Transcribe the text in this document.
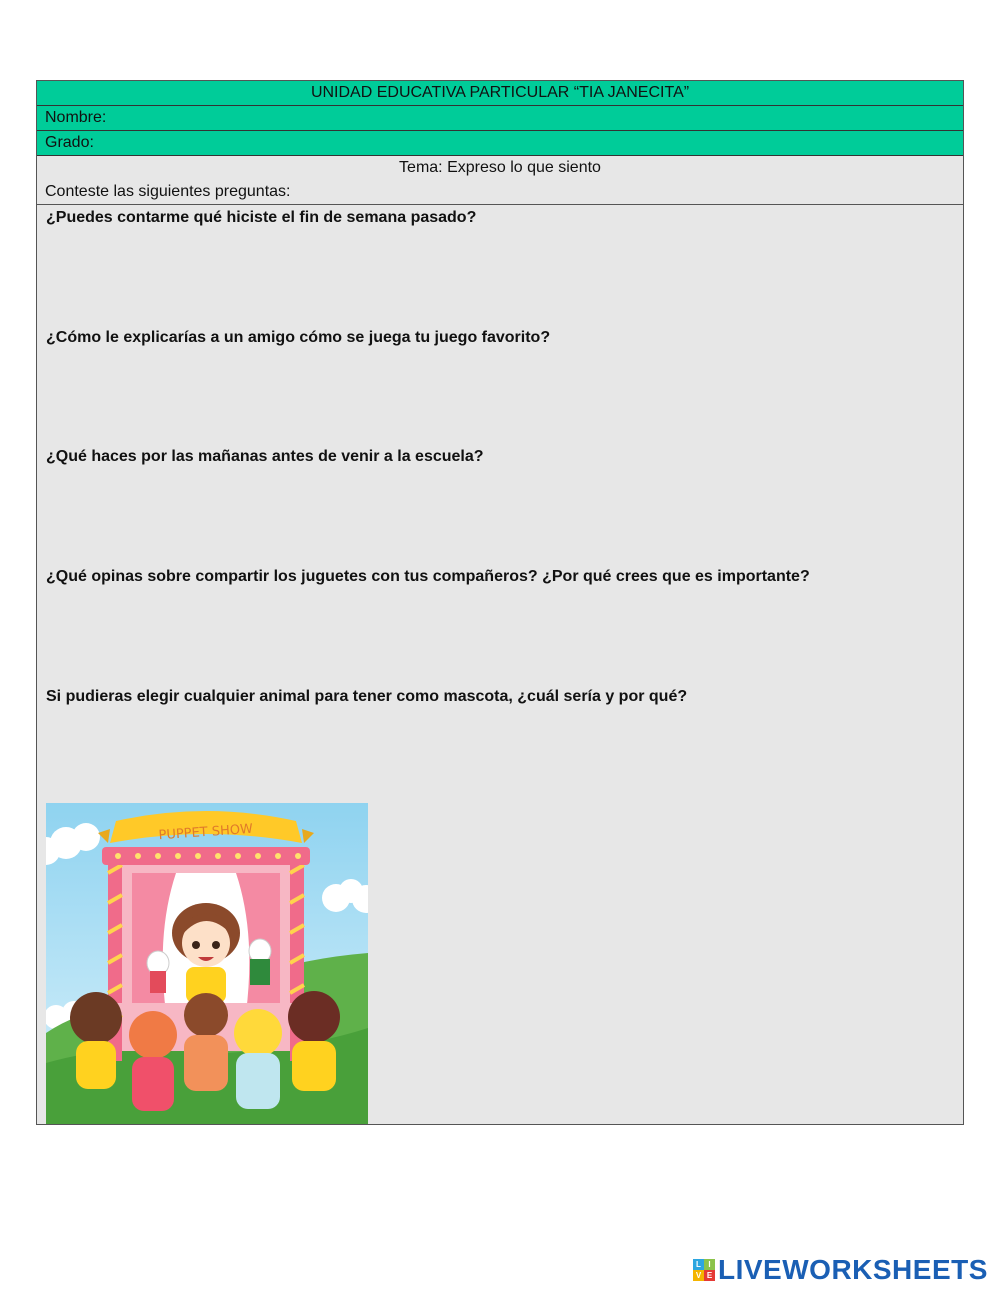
UNIDAD EDUCATIVA PARTICULAR “TIA JANECITA”
Nombre:
Grado:
Tema: Expreso lo que siento
Conteste las siguientes preguntas:
¿Puedes contarme qué hiciste el fin de semana pasado?
¿Cómo le explicarías a un amigo cómo se juega tu juego favorito?
¿Qué haces por las mañanas antes de venir a la escuela?
¿Qué opinas sobre compartir los juguetes con tus compañeros? ¿Por qué crees que es importante?
Si pudieras elegir cualquier animal para tener como mascota, ¿cuál sería y por qué?
PUPPET SHOW
L I
V E LIVEWORKSHEETS
